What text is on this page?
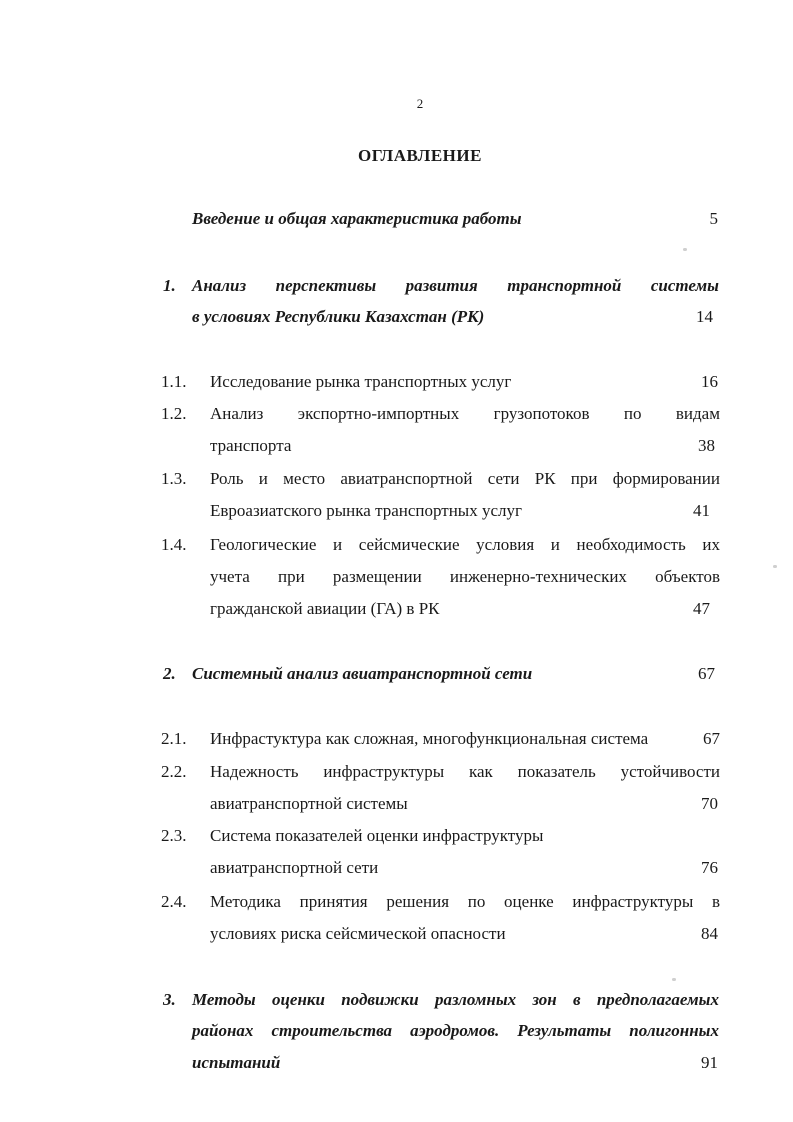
2
ОГЛАВЛЕНИЕ
Введение и общая характеристика работы	5
1. Анализ перспективы развития транспортной системы
в условиях Республики Казахстан (РК)	14
1.1. Исследование рынка транспортных услуг	16
1.2. Анализ экспортно-импортных грузопотоков по видам
транспорта	38
1.3. Роль и место авиатранспортной сети РК при формировании
Евроазиатского рынка транспортных услуг	41
1.4. Геологические и сейсмические условия и необходимость их
учета при размещении инженерно-технических объектов
гражданской авиации (ГА) в РК	47
2. Системный анализ авиатранспортной сети	67
2.1. Инфрастуктура как сложная, многофункциональная система	67
2.2. Надежность инфраструктуры как показатель устойчивости
авиатранспортной системы	70
2.3. Система показателей оценки инфраструктуры
авиатранспортной сети	76
2.4. Методика принятия решения по оценке инфраструктуры в
условиях риска сейсмической опасности	84
3. Методы оценки подвижки разломных зон в предполагаемых
районах строительства аэродромов. Результаты полигонных
испытаний	91
